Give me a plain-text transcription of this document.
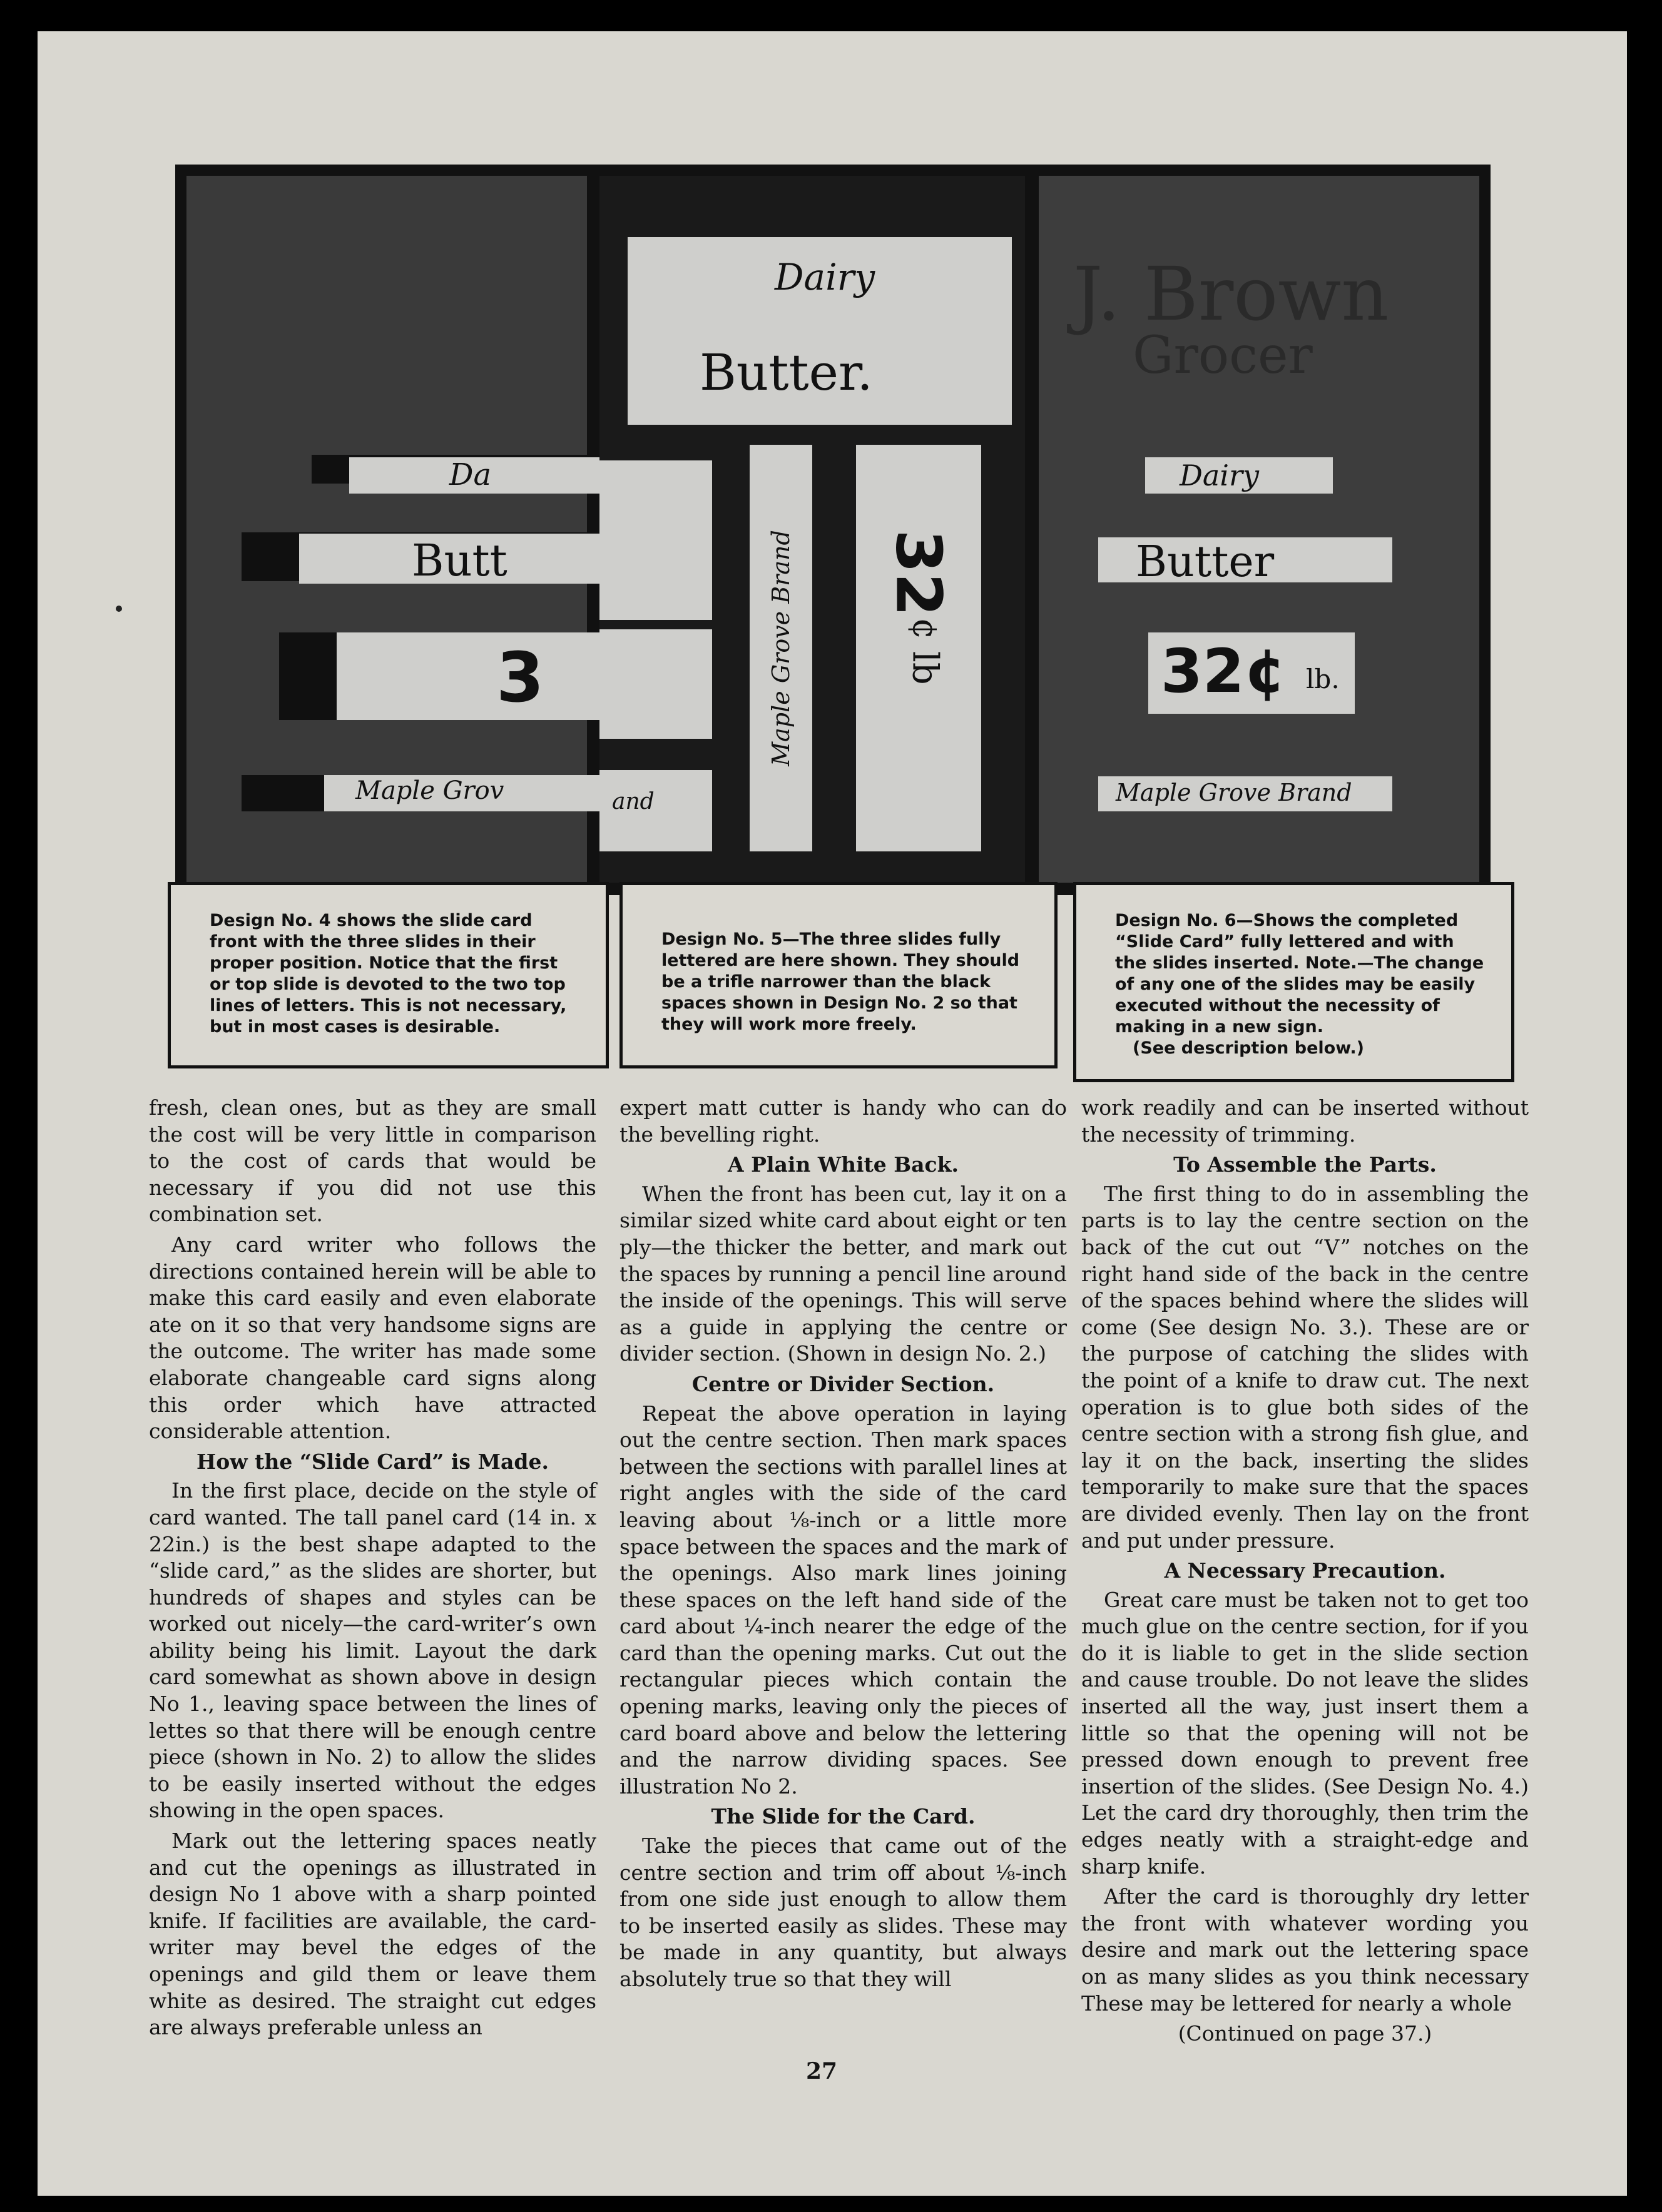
Da
Butt
3
Maple Grov
Dairy
Butter.
and
Maple Grove Brand 32
¢ lb
J. Brown
Grocer
Dairy
Butter
32¢ lb.
Maple Grove Brand

Design No. 4 shows the slide card front with the three slides in their proper position. Notice that the first or top slide is devoted to the two top lines of letters. This is not necessary, but in most cases is desirable.

Design No. 5—The three slides fully lettered are here shown. They should be a trifle narrower than the black spaces shown in Design No. 2 so that they will work more freely.

Design No. 6—Shows the completed “Slide Card” fully lettered and with the slides inserted. Note.—The change of any one of the slides may be easily executed without the necessity of making in a new sign.

(See description below.)

fresh, clean ones, but as they are small the cost will be very little in comparison to the cost of cards that would be necessary if you did not use this combination set.

Any card writer who follows the directions contained herein will be able to make this card easily and even elaborate ate on it so that very handsome signs are the outcome. The writer has made some elaborate changeable card signs along this order which have attracted considerable attention.

How the “Slide Card” is Made.

In the first place, decide on the style of card wanted. The tall panel card (14 in. x 22in.) is the best shape adapted to the “slide card,” as the slides are shorter, but hundreds of shapes and styles can be worked out nicely—the card-writer’s own ability being his limit. Layout the dark card somewhat as shown above in design No 1., leaving space between the lines of lettes so that there will be enough centre piece (shown in No. 2) to allow the slides to be easily inserted without the edges showing in the open spaces.

Mark out the lettering spaces neatly and cut the openings as illustrated in design No 1 above with a sharp pointed knife. If facilities are available, the card-writer may bevel the edges of the openings and gild them or leave them white as desired. The straight cut edges are always preferable unless an

expert matt cutter is handy who can do the bevelling right.

A Plain White Back.

When the front has been cut, lay it on a similar sized white card about eight or ten ply—the thicker the better, and mark out the spaces by running a pencil line around the inside of the openings. This will serve as a guide in applying the centre or divider section. (Shown in design No. 2.)

Centre or Divider Section.

Repeat the above operation in laying out the centre section. Then mark spaces between the sections with parallel lines at right angles with the side of the card leaving about ⅛-inch or a little more space between the spaces and the mark of the openings. Also mark lines joining these spaces on the left hand side of the card about ¼-inch nearer the edge of the card than the opening marks. Cut out the rectangular pieces which contain the opening marks, leaving only the pieces of card board above and below the lettering and the narrow dividing spaces. See illustration No 2.

The Slide for the Card.

Take the pieces that came out of the centre section and trim off about ⅛-inch from one side just enough to allow them to be inserted easily as slides. These may be made in any quantity, but always absolutely true so that they will

work readily and can be inserted without the necessity of trimming.

To Assemble the Parts.

The first thing to do in assembling the parts is to lay the centre section on the back of the cut out “V” notches on the right hand side of the back in the centre of the spaces behind where the slides will come (See design No. 3.). These are or the purpose of catching the slides with the point of a knife to draw cut. The next operation is to glue both sides of the centre section with a strong fish glue, and lay it on the back, inserting the slides temporarily to make sure that the spaces are divided evenly. Then lay on the front and put under pressure.

A Necessary Precaution.

Great care must be taken not to get too much glue on the centre section, for if you do it is liable to get in the slide section and cause trouble. Do not leave the slides inserted all the way, just insert them a little so that the opening will not be pressed down enough to prevent free insertion of the slides. (See Design No. 4.) Let the card dry thoroughly, then trim the edges neatly with a straight-edge and sharp knife.

After the card is thoroughly dry letter the front with whatever wording you desire and mark out the lettering space on as many slides as you think necessary These may be lettered for nearly a whole

(Continued on page 37.)

27
